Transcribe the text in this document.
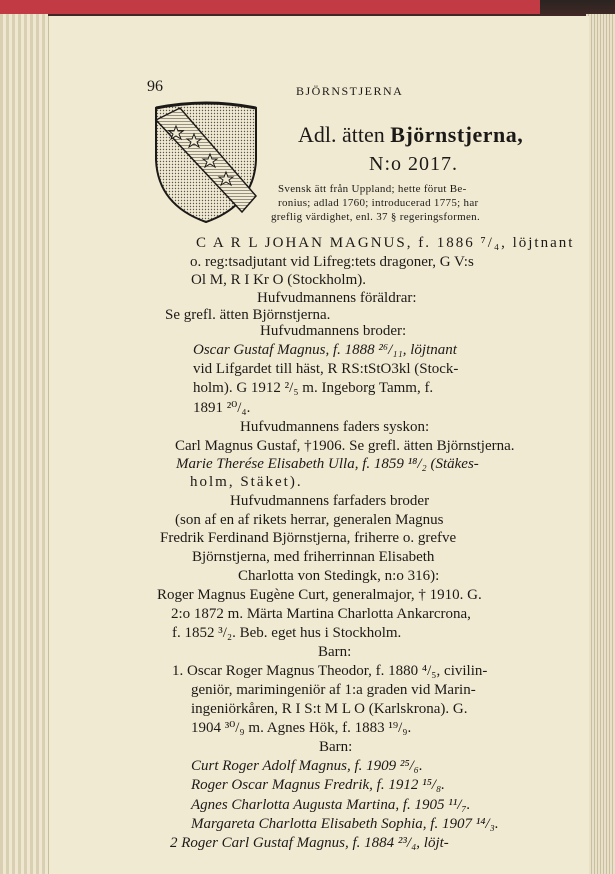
96	BJÖRNSTJERNA
Adl. ätten Björnstjerna,
N:o 2017.
Svensk ätt från Uppland; hette förut Be-
ronius; adlad 1760; introducerad 1775; har
greflig värdighet, enl. 37 § regeringsformen.
C A R L JOHAN MAGNUS, f. 1886 ⁷/₄, löjtnant
o. reg:tsadjutant vid Lifreg:tets dragoner, G V:s
Ol M, R I Kr O (Stockholm).
Hufvudmannens föräldrar:
Se grefl. ätten Björnstjerna.
Hufvudmannens broder:
Oscar Gustaf Magnus, f. 1888 ²⁶/₁₁, löjtnant
vid Lifgardet till häst, R RS:tStO3kl (Stock-
holm). G 1912 ²/₅ m. Ingeborg Tamm, f.
1891 ²⁰/₄.
Hufvudmannens faders syskon:
Carl Magnus Gustaf, †1906. Se grefl. ätten Björnstjerna.
Marie Therése Elisabeth Ulla, f. 1859 ¹⁸/₂ (Stäkes-
holm, Stäket).
Hufvudmannens farfaders broder
(son af en af rikets herrar, generalen Magnus
Fredrik Ferdinand Björnstjerna, friherre o. grefve
Björnstjerna, med friherrinnan Elisabeth
Charlotta von Stedingk, n:o 316):
Roger Magnus Eugène Curt, generalmajor, † 1910. G.
2:o 1872 m. Märta Martina Charlotta Ankarcrona,
f. 1852 ³/₂. Beb. eget hus i Stockholm.
Barn:
1. Oscar Roger Magnus Theodor, f. 1880 ⁴/₅, civilin-
geniör, marimingeniör af 1:a graden vid Marin-
ingeniörkåren, R I S:t M L O (Karlskrona). G.
1904 ³⁰/₉ m. Agnes Hök, f. 1883 ¹⁹/₉.
Barn:
Curt Roger Adolf Magnus, f. 1909 ²⁵/₆.
Roger Oscar Magnus Fredrik, f. 1912 ¹⁵/₈.
Agnes Charlotta Augusta Martina, f. 1905 ¹¹/₇.
Margareta Charlotta Elisabeth Sophia, f. 1907 ¹⁴/₃.
2 Roger Carl Gustaf Magnus, f. 1884 ²³/₄, löjt-
